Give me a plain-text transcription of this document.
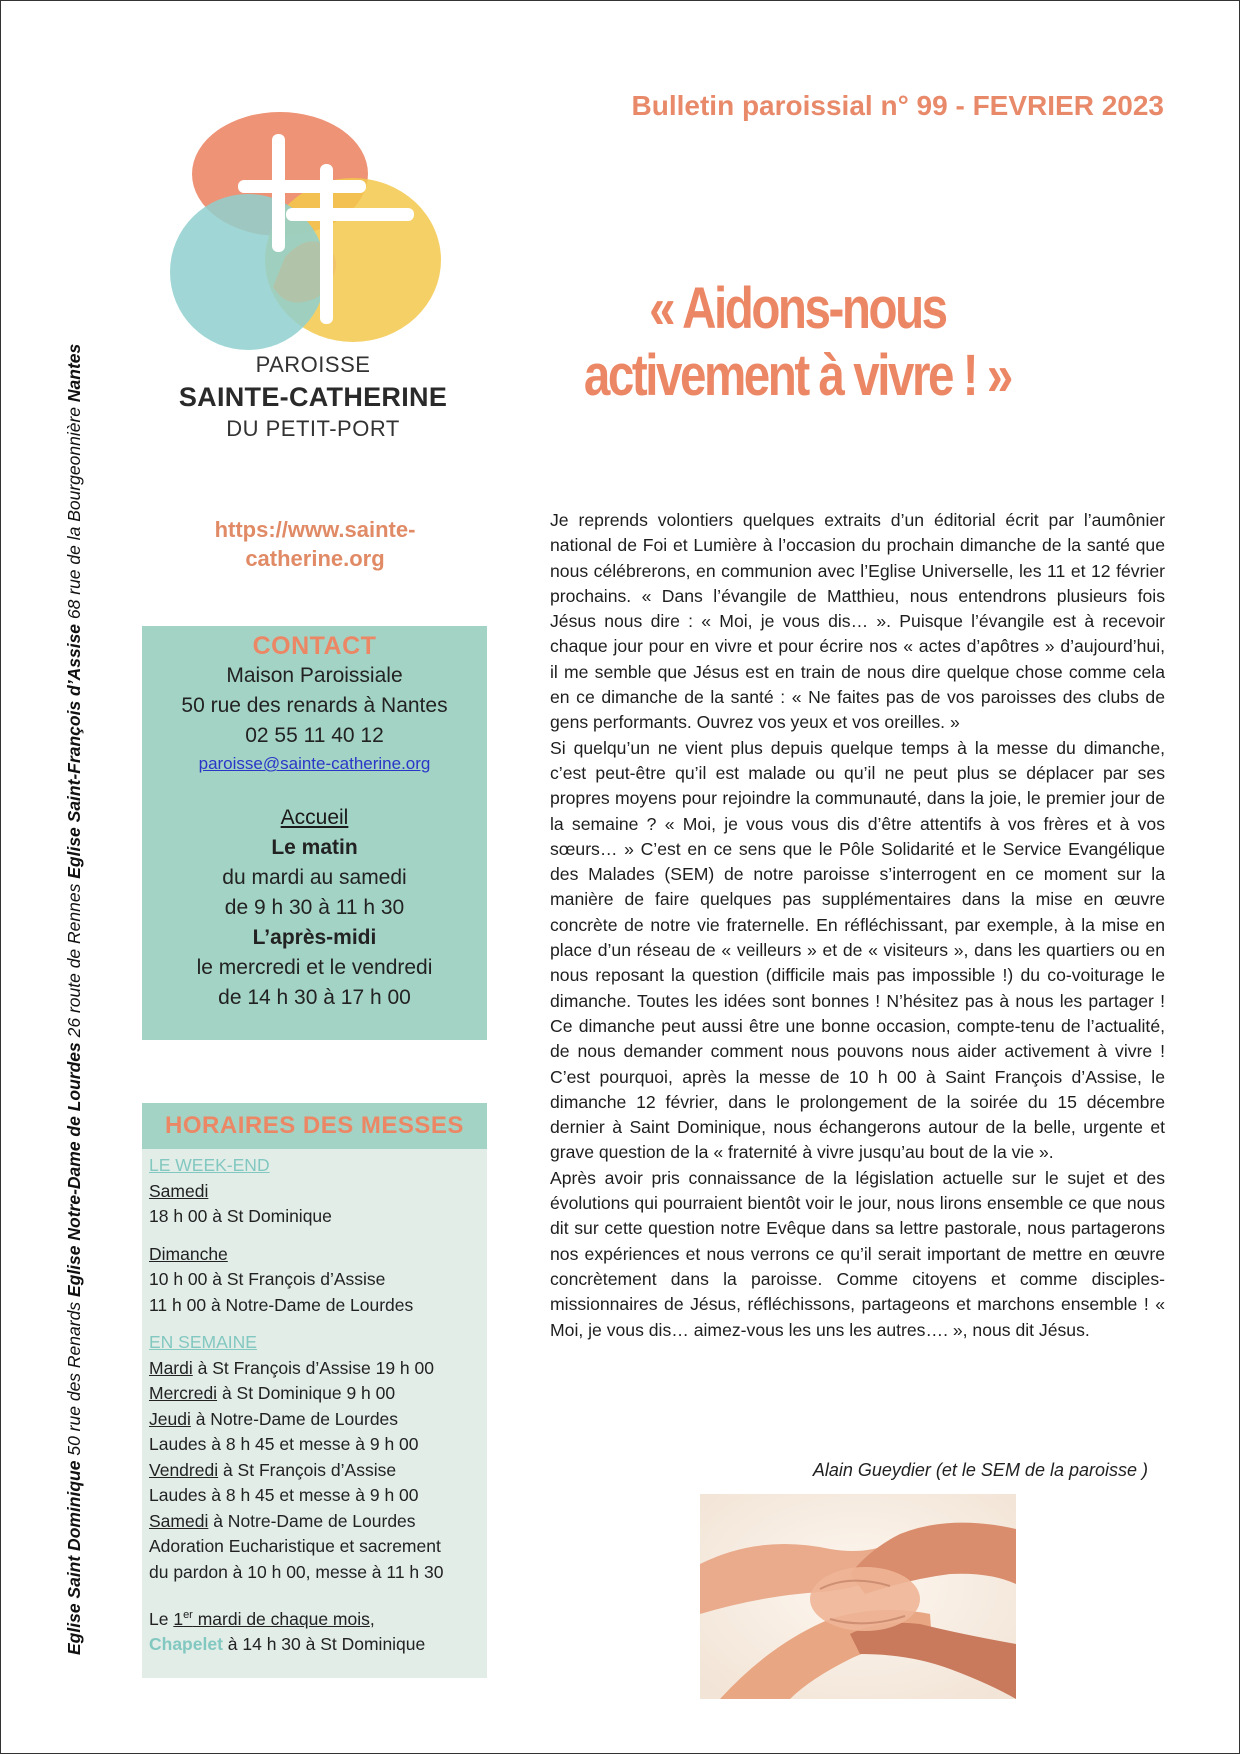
Eglise Saint Dominique 50 rue des Renards Eglise Notre-Dame de Lourdes 26 route de Rennes Eglise Saint-François d’Assise 68 rue de la Bourgeonnière Nantes
Bulletin paroissial n° 99 - FEVRIER 2023
PAROISSE
SAINTE-CATHERINE
DU PETIT-PORT
« Aidons-nous activement à vivre ! »
https://www.sainte-
catherine.org
CONTACT
Maison Paroissiale
50 rue des renards à Nantes
02 55 11 40 12
paroisse@sainte-catherine.org
Accueil
Le matin
du mardi au samedi
de 9 h 30 à 11 h 30
L’après-midi
le mercredi et le vendredi
de 14 h 30 à 17 h 00
HORAIRES DES MESSES
LE WEEK-END
Samedi
18 h 00 à St Dominique
Dimanche
10 h 00 à St François d’Assise
11 h 00 à Notre-Dame de Lourdes
EN SEMAINE
Mardi à St François d’Assise 19 h 00
Mercredi à St Dominique 9 h 00
Jeudi à Notre-Dame de Lourdes
Laudes à 8 h 45 et messe à 9 h 00
Vendredi à St François d’Assise
Laudes à 8 h 45 et messe à 9 h 00
Samedi à Notre-Dame de Lourdes
Adoration Eucharistique et sacrement
du pardon à 10 h 00, messe à 11 h 30
Le 1er mardi de chaque mois,
Chapelet à 14 h 30 à St Dominique

Je reprends volontiers quelques extraits d’un éditorial écrit par l’aumônier national de Foi et Lumière à l’occasion du prochain dimanche de la santé que nous célébrerons, en communion avec l’Eglise Universelle, les 11 et 12 février prochains. « Dans l’évangile de Matthieu, nous entendrons plusieurs fois Jésus nous dire : « Moi, je vous dis… ». Puisque l’évangile est à recevoir chaque jour pour en vivre et pour écrire nos « actes d’apôtres » d’aujourd’hui, il me semble que Jésus est en train de nous dire quelque chose comme cela en ce dimanche de la santé : « Ne faites pas de vos paroisses des clubs de gens performants. Ouvrez vos yeux et vos oreilles. »

Si quelqu’un ne vient plus depuis quelque temps à la messe du dimanche, c’est peut-être qu’il est malade ou qu’il ne peut plus se déplacer par ses propres moyens pour rejoindre la communauté, dans la joie, le premier jour de la semaine ? « Moi, je vous vous dis d’être attentifs à vos frères et à vos sœurs… » C’est en ce sens que le Pôle Solidarité et le Service Evangélique des Malades (SEM) de notre paroisse s’interrogent en ce moment sur la manière de faire quelques pas supplémentaires dans la mise en œuvre concrète de notre vie fraternelle. En réfléchissant, par exemple, à la mise en place d’un réseau de « veilleurs » et de « visiteurs », dans les quartiers ou en nous reposant la question (difficile mais pas impossible !) du co-voiturage le dimanche. Toutes les idées sont bonnes ! N’hésitez pas à nous les partager ! Ce dimanche peut aussi être une bonne occasion, compte-tenu de l’actualité, de nous demander comment nous pouvons nous aider activement à vivre ! C’est pourquoi, après la messe de 10 h 00 à Saint François d’Assise, le dimanche 12 février, dans le prolongement de la soirée du 15 décembre dernier à Saint Dominique, nous échangerons autour de la belle, urgente et grave question de la « fraternité à vivre jusqu’au bout de la vie ».

Après avoir pris connaissance de la législation actuelle sur le sujet et des évolutions qui pourraient bientôt voir le jour, nous lirons ensemble ce que nous dit sur cette question notre Evêque dans sa lettre pastorale, nous partagerons nos expériences et nous verrons ce qu’il serait important de mettre en œuvre concrètement dans la paroisse. Comme citoyens et comme disciples-missionnaires de Jésus, réfléchissons, partageons et marchons ensemble ! « Moi, je vous dis… aimez-vous les uns les autres…. », nous dit Jésus.

Alain Gueydier (et le SEM de la paroisse )
